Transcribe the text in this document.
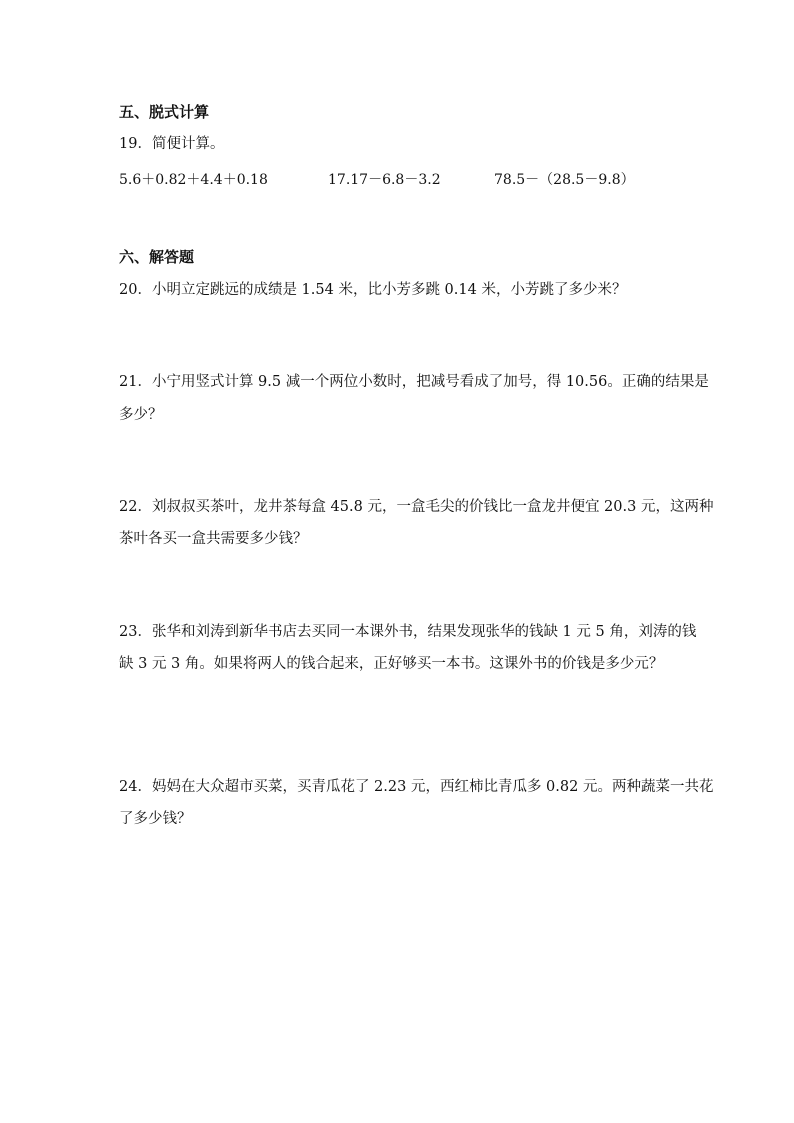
五、脱式计算
19．简便计算。
5.6＋0.82＋4.4＋0.18	17.17－6.8－3.2	78.5－（28.5－9.8）
六、解答题
20．小明立定跳远的成绩是 1.54 米，比小芳多跳 0.14 米，小芳跳了多少米？
21．小宁用竖式计算 9.5 减一个两位小数时，把减号看成了加号，得 10.56。正确的结果是
多少？
22．刘叔叔买茶叶，龙井茶每盒 45.8 元，一盒毛尖的价钱比一盒龙井便宜 20.3 元，这两种
茶叶各买一盒共需要多少钱？
23．张华和刘涛到新华书店去买同一本课外书，结果发现张华的钱缺 1 元 5 角，刘涛的钱
缺 3 元 3 角。如果将两人的钱合起来，正好够买一本书。这课外书的价钱是多少元？
24．妈妈在大众超市买菜，买青瓜花了 2.23 元，西红柿比青瓜多 0.82 元。两种蔬菜一共花
了多少钱？
